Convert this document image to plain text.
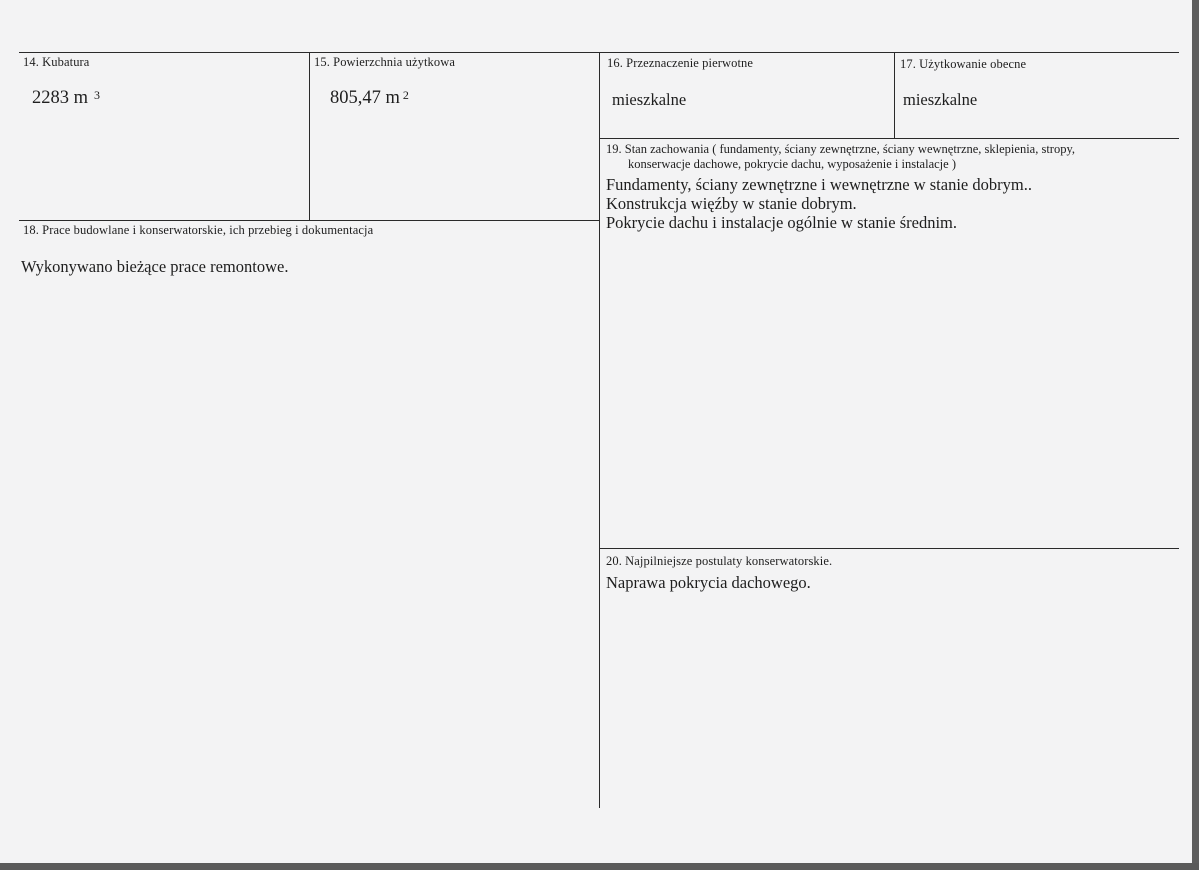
14. Kubatura
2283 m $^3$
15. Powierzchnia użytkowa
805,47 m $^2$
16. Przeznaczenie pierwotne
mieszkalne
17. Użytkowanie obecne
mieszkalne
19. Stan zachowania ( fundamenty, ściany zewnętrzne, ściany wewnętrzne, sklepienia, stropy,
konserwacje dachowe, pokrycie dachu, wyposażenie i instalacje )
Fundamenty, ściany zewnętrzne i wewnętrzne w stanie dobrym..
Konstrukcja więźby w stanie dobrym.
Pokrycie dachu i instalacje ogólnie w stanie średnim.
18. Prace budowlane i konserwatorskie, ich przebieg i dokumentacja
Wykonywano bieżące prace remontowe.
20. Najpilniejsze postulaty konserwatorskie.
Naprawa pokrycia dachowego.
